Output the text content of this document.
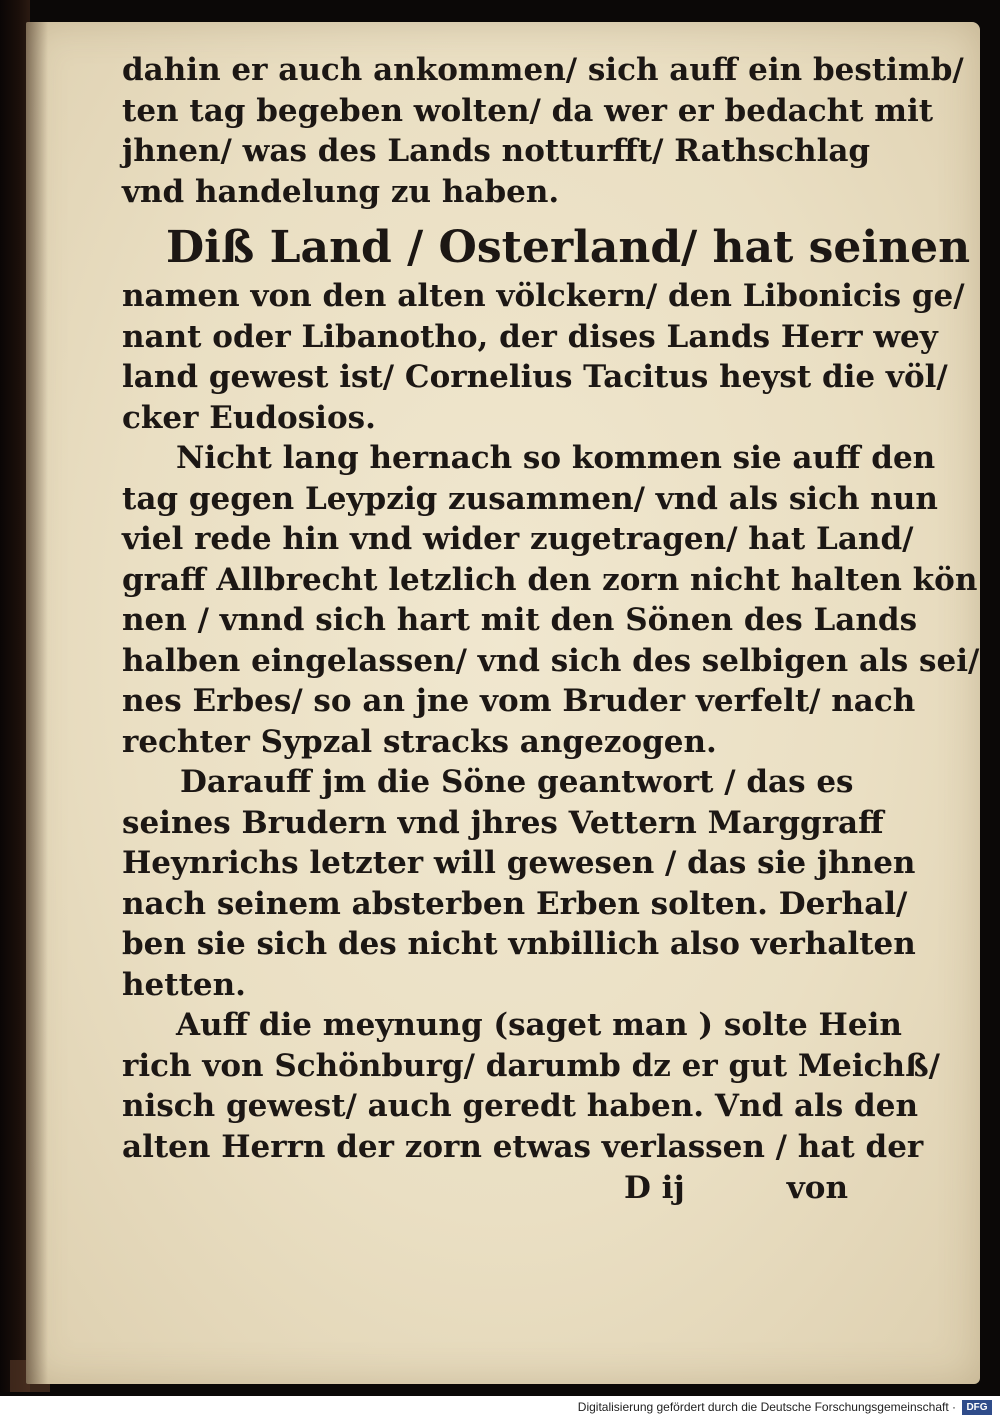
dahin er auch ankommen/ sich auff ein bestimb/
ten tag begeben wolten/ da wer er bedacht mit
jhnen/ was des Lands notturfft/ Rathschlag
vnd handelung zu haben.

Diß Land / Osterland/ hat seinen
namen von den alten völckern/ den Libonicis ge/
nant oder Libanotho, der dises Lands Herr wey
land gewest ist/ Cornelius Tacitus heyst die völ/
cker Eudosios.

Nicht lang hernach so kommen sie auff den
tag gegen Leypzig zusammen/ vnd als sich nun
viel rede hin vnd wider zugetragen/ hat Land/
graff Allbrecht letzlich den zorn nicht halten kön
nen / vnnd sich hart mit den Sönen des Lands
halben eingelassen/ vnd sich des selbigen als sei/
nes Erbes/ so an jne vom Bruder verfelt/ nach
rechter Sypzal stracks angezogen.

Darauff jm die Söne geantwort / das es
seines Brudern vnd jhres Vettern Marggraff
Heynrichs letzter will gewesen / das sie jhnen
nach seinem absterben Erben solten. Derhal/
ben sie sich des nicht vnbillich also verhalten
hetten.

Auff die meynung (saget man ) solte Hein
rich von Schönburg/ darumb dz er gut Meichß/
nisch gewest/ auch geredt haben. Vnd als den
alten Herrn der zorn etwas verlassen / hat der

D ij	von
Digitalisierung gefördert durch die Deutsche Forschungsgemeinschaft ·	DFG
